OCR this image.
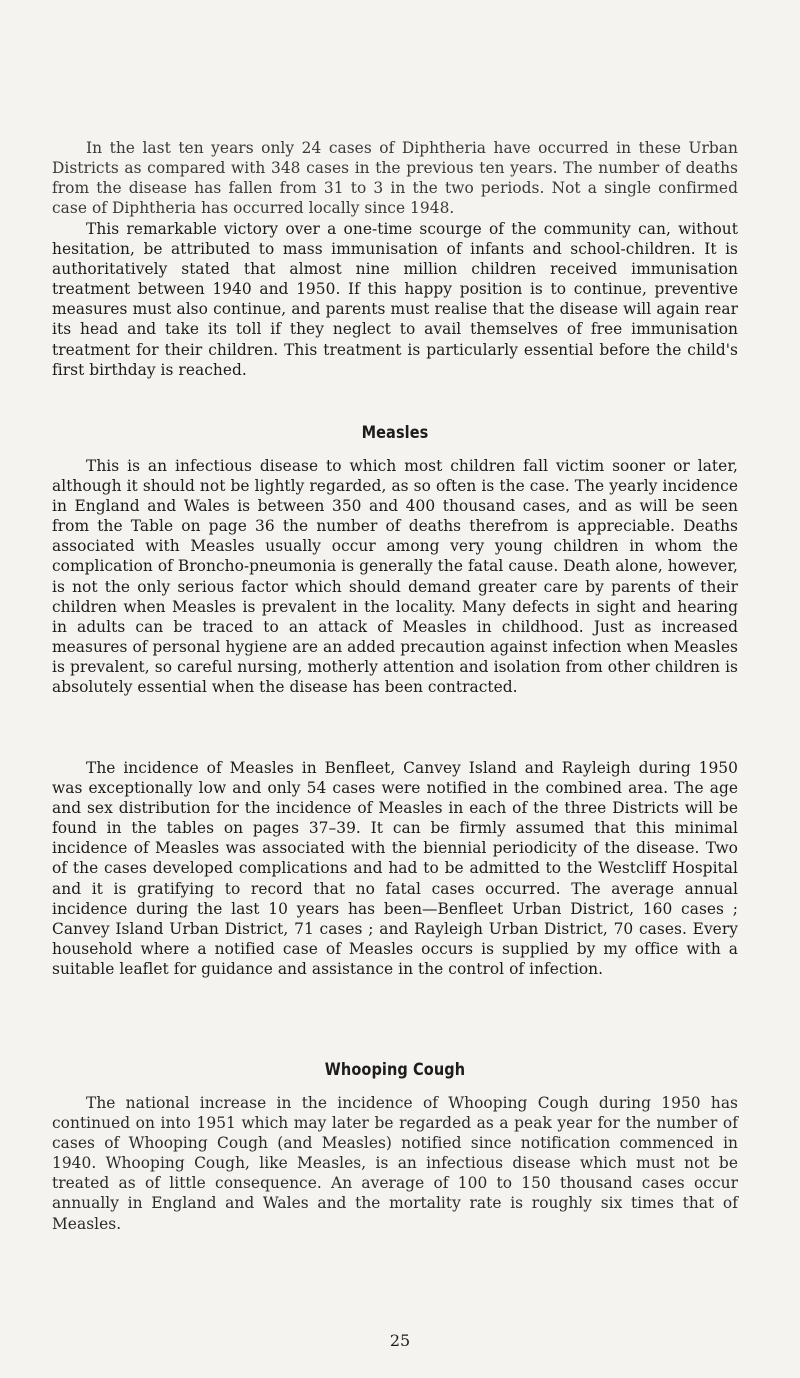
In the last ten years only 24 cases of Diphtheria have occurred in these Urban Districts as compared with 348 cases in the previous ten years. The number of deaths from the disease has fallen from 31 to 3 in the two periods. Not a single confirmed case of Diphtheria has occurred locally since 1948.

This remarkable victory over a one-time scourge of the community can, without hesitation, be attributed to mass immunisation of infants and school-children. It is authoritatively stated that almost nine million children received immunisation treatment between 1940 and 1950. If this happy position is to continue, preventive measures must also continue, and parents must realise that the disease will again rear its head and take its toll if they neglect to avail themselves of free immunisation treatment for their children. This treatment is particularly essential before the child's first birthday is reached.

Measles

This is an infectious disease to which most children fall victim sooner or later, although it should not be lightly regarded, as so often is the case. The yearly incidence in England and Wales is between 350 and 400 thousand cases, and as will be seen from the Table on page 36 the number of deaths therefrom is appreciable. Deaths associated with Measles usually occur among very young children in whom the complication of Broncho-pneumonia is generally the fatal cause. Death alone, however, is not the only serious factor which should demand greater care by parents of their children when Measles is prevalent in the locality. Many defects in sight and hearing in adults can be traced to an attack of Measles in childhood. Just as increased measures of personal hygiene are an added precaution against infection when Measles is prevalent, so careful nursing, motherly attention and isolation from other children is absolutely essential when the disease has been contracted.

The incidence of Measles in Benfleet, Canvey Island and Rayleigh during 1950 was exceptionally low and only 54 cases were notified in the combined area. The age and sex distribution for the incidence of Measles in each of the three Districts will be found in the tables on pages 37–39. It can be firmly assumed that this minimal incidence of Measles was associated with the biennial periodicity of the disease. Two of the cases developed complications and had to be admitted to the Westcliff Hospital and it is gratifying to record that no fatal cases occurred. The average annual incidence during the last 10 years has been—Benfleet Urban District, 160 cases ; Canvey Island Urban District, 71 cases ; and Rayleigh Urban District, 70 cases. Every household where a notified case of Measles occurs is supplied by my office with a suitable leaflet for guidance and assistance in the control of infection.

Whooping Cough

The national increase in the incidence of Whooping Cough during 1950 has continued on into 1951 which may later be regarded as a peak year for the number of cases of Whooping Cough (and Measles) notified since notification commenced in 1940. Whooping Cough, like Measles, is an infectious disease which must not be treated as of little consequence. An average of 100 to 150 thousand cases occur annually in England and Wales and the mortality rate is roughly six times that of Measles.

25
